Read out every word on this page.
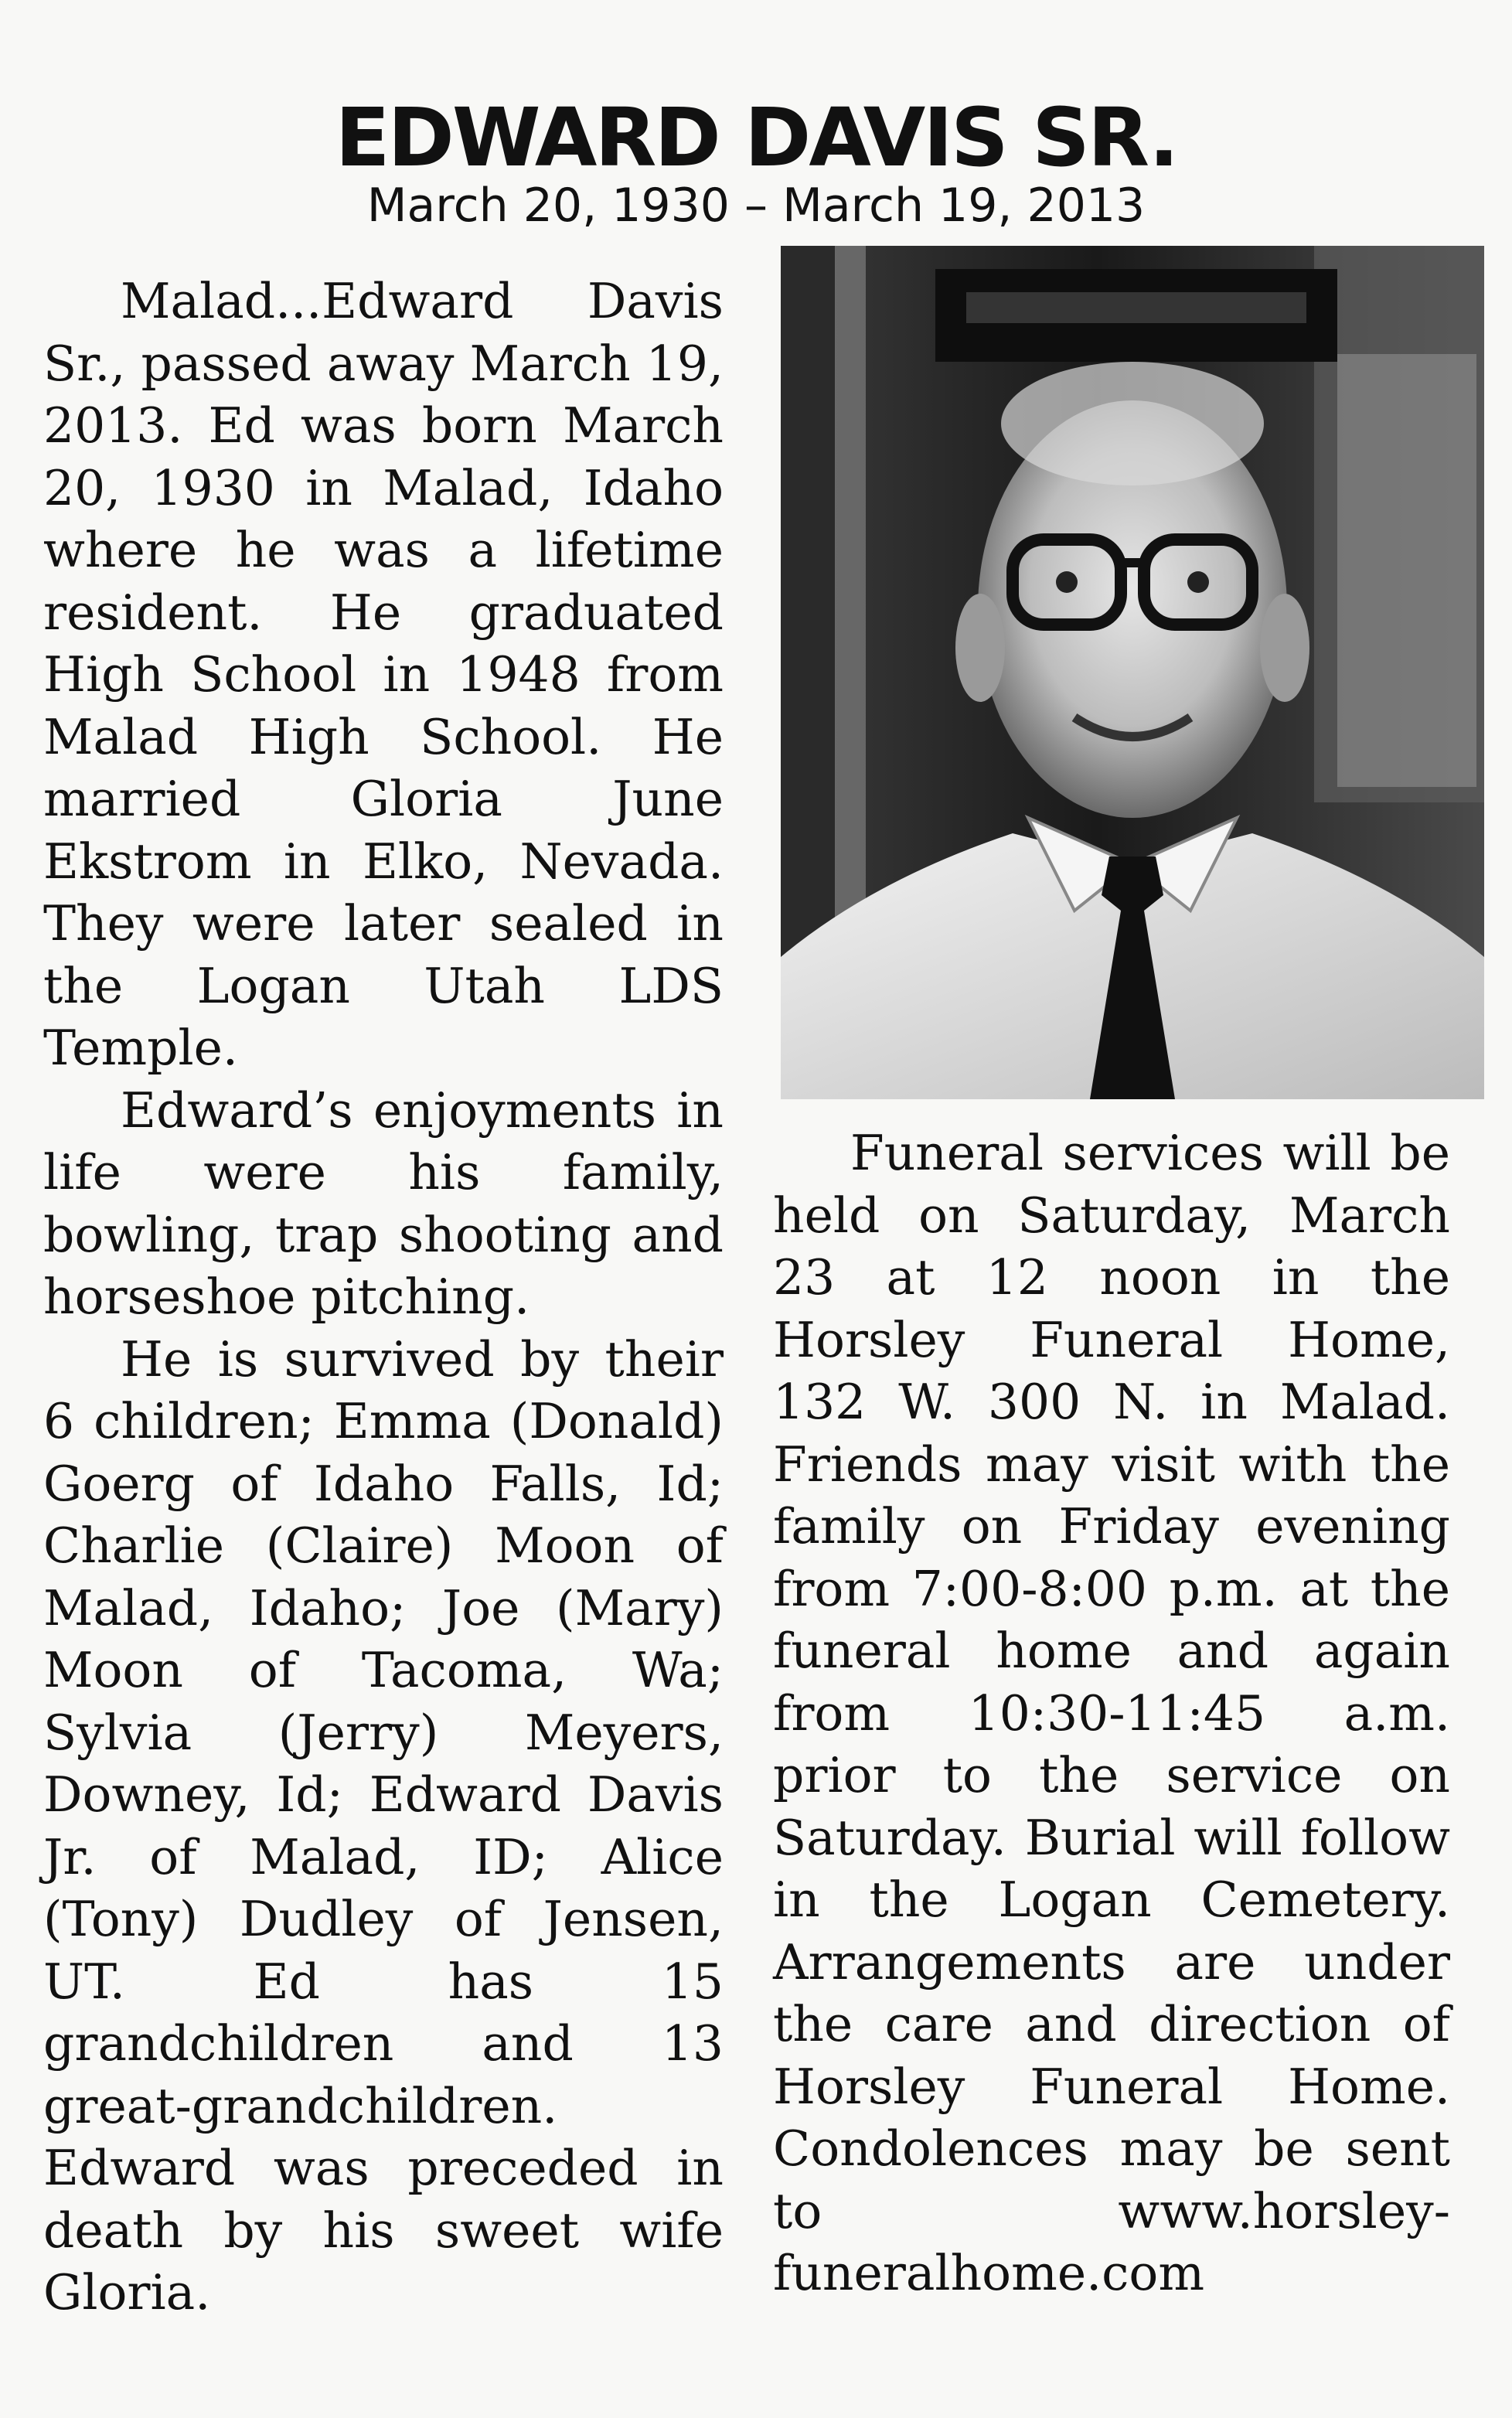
EDWARD DAVIS SR.
March 20, 1930 – March 19, 2013

Malad...Edward Davis Sr., passed away March 19, 2013. Ed was born March 20, 1930 in Malad, Idaho where he was a lifetime resident. He graduated High School in 1948 from Malad High School. He married Gloria June Ekstrom in Elko, Nevada. They were later sealed in the Logan Utah LDS Temple.

Edward’s enjoyments in life were his family, bowling, trap shooting and horseshoe pitching.

He is survived by their 6 children; Emma (Donald) Goerg of Idaho Falls, Id; Charlie (Claire) Moon of Malad, Idaho; Joe (Mary) Moon of Tacoma, Wa; Sylvia (Jerry) Meyers, Downey, Id; Edward Davis Jr. of Malad, ID; Alice (Tony) Dudley of Jensen, UT. Ed has 15 grandchildren and 13 great-grandchildren. Edward was preceded in death by his sweet wife Gloria.

Funeral services will be held on Saturday, March 23 at 12 noon in the Horsley Funeral Home, 132 W. 300 N. in Malad. Friends may visit with the family on Friday evening from 7:00-8:00 p.m. at the funeral home and again from 10:30-11:45 a.m. prior to the service on Saturday. Burial will follow in the Logan Cemetery. Arrangements are under the care and direction of Horsley Funeral Home. Condolences may be sent to www.horsleyfuneralhome.com
